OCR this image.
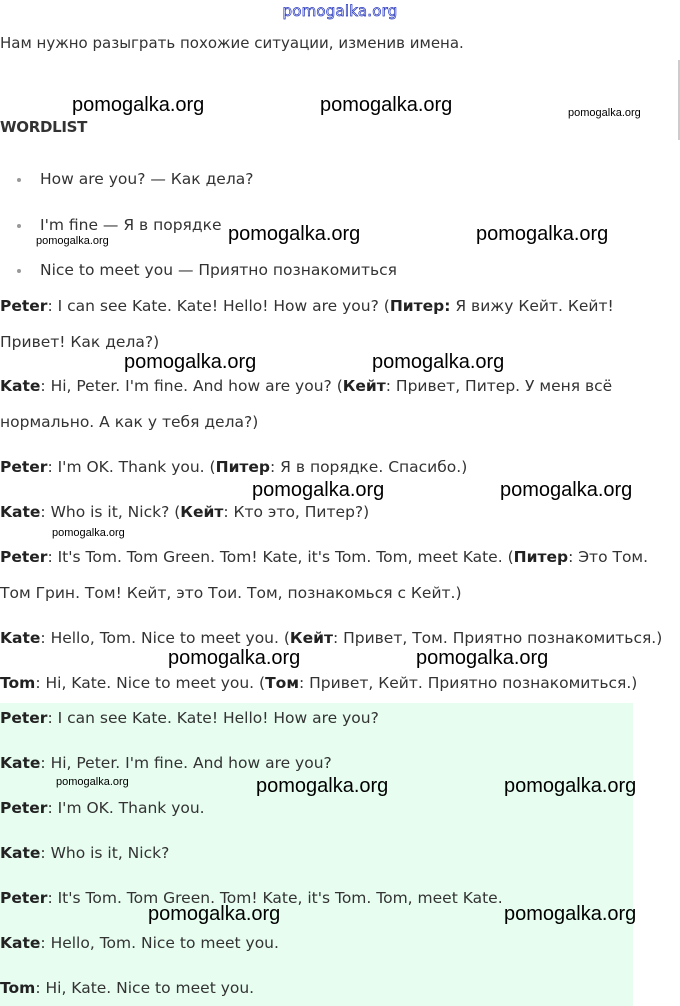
pomogalka.org
Нам нужно разыграть похожие ситуации, изменив имена.
WORDLIST
How are you? — Как дела?
I'm fine — Я в порядке
Nice to meet you — Приятно познакомиться
Peter: I can see Kate. Kate! Hello! How are you? (Питер: Я вижу Кейт. Кейт! Привет! Как дела?)
Kate: Hi, Peter. I'm fine. And how are you? (Кейт: Привет, Питер. У меня всё нормально. А как у тебя дела?)
Peter: I'm OK. Thank you. (Питер: Я в порядке. Спасибо.)
Kate: Who is it, Nick? (Кейт: Кто это, Питер?)
Peter: It's Tom. Tom Green. Tom! Kate, it's Tom. Tom, meet Kate. (Питер: Это Том. Том Грин. Том! Кейт, это Тои. Том, познакомься с Кейт.)
Kate: Hello, Tom. Nice to meet you. (Кейт: Привет, Том. Приятно познакомиться.)
Tom: Hi, Kate. Nice to meet you. (Том: Привет, Кейт. Приятно познакомиться.)
Peter: I can see Kate. Kate! Hello! How are you?
Kate: Hi, Peter. I'm fine. And how are you?
Peter: I'm OK. Thank you.
Kate: Who is it, Nick?
Peter: It's Tom. Tom Green. Tom! Kate, it's Tom. Tom, meet Kate.
Kate: Hello, Tom. Nice to meet you.
Tom: Hi, Kate. Nice to meet you.
pomogalka.org	pomogalka.org	pomogalka.org
pomogalka.org	pomogalka.org	pomogalka.org
pomogalka.org	pomogalka.org
pomogalka.org	pomogalka.org
pomogalka.org
pomogalka.org	pomogalka.org
pomogalka.org	pomogalka.org	pomogalka.org
pomogalka.org	pomogalka.org
